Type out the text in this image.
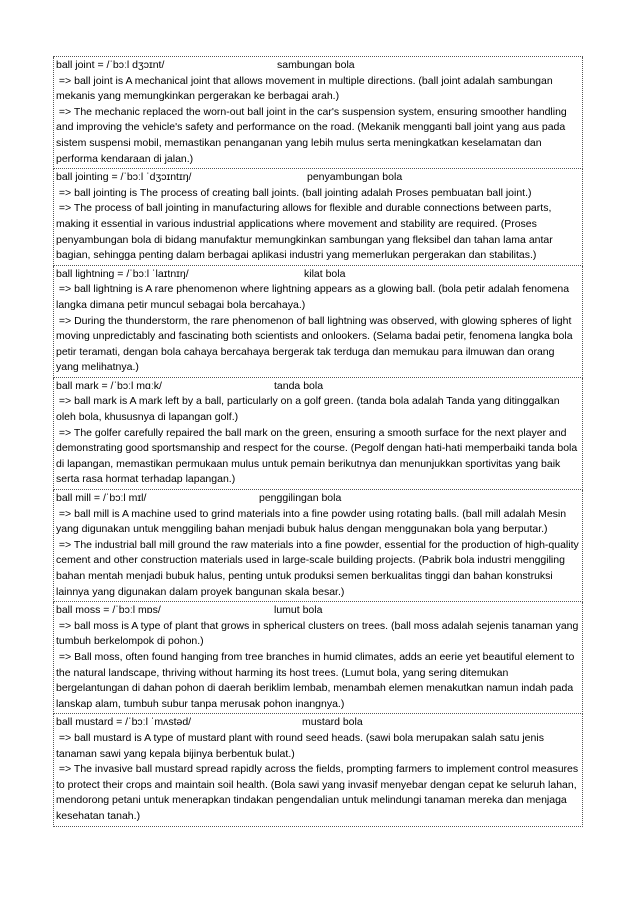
ball joint = /ˈbɔːl dʒɔɪnt/	sambungan bola
=> ball joint is A mechanical joint that allows movement in multiple directions. (ball joint adalah sambungan mekanis yang memungkinkan pergerakan ke berbagai arah.)
=> The mechanic replaced the worn-out ball joint in the car's suspension system, ensuring smoother handling and improving the vehicle's safety and performance on the road. (Mekanik mengganti ball joint yang aus pada sistem suspensi mobil, memastikan penanganan yang lebih mulus serta meningkatkan keselamatan dan performa kendaraan di jalan.)
ball jointing = /ˈbɔːl ˈdʒɔɪntɪŋ/	penyambungan bola
=> ball jointing is The process of creating ball joints. (ball jointing adalah Proses pembuatan ball joint.)
=> The process of ball jointing in manufacturing allows for flexible and durable connections between parts, making it essential in various industrial applications where movement and stability are required. (Proses penyambungan bola di bidang manufaktur memungkinkan sambungan yang fleksibel dan tahan lama antar bagian, sehingga penting dalam berbagai aplikasi industri yang memerlukan pergerakan dan stabilitas.)
ball lightning = /ˈbɔːl ˈlaɪtnɪŋ/	kilat bola
=> ball lightning is A rare phenomenon where lightning appears as a glowing ball. (bola petir adalah fenomena langka dimana petir muncul sebagai bola bercahaya.)
=> During the thunderstorm, the rare phenomenon of ball lightning was observed, with glowing spheres of light moving unpredictably and fascinating both scientists and onlookers. (Selama badai petir, fenomena langka bola petir teramati, dengan bola cahaya bercahaya bergerak tak terduga dan memukau para ilmuwan dan orang yang melihatnya.)
ball mark = /ˈbɔːl mɑːk/	tanda bola
=> ball mark is A mark left by a ball, particularly on a golf green. (tanda bola adalah Tanda yang ditinggalkan oleh bola, khususnya di lapangan golf.)
=> The golfer carefully repaired the ball mark on the green, ensuring a smooth surface for the next player and demonstrating good sportsmanship and respect for the course. (Pegolf dengan hati-hati memperbaiki tanda bola di lapangan, memastikan permukaan mulus untuk pemain berikutnya dan menunjukkan sportivitas yang baik serta rasa hormat terhadap lapangan.)
ball mill = /ˈbɔːl mɪl/	penggilingan bola
=> ball mill is A machine used to grind materials into a fine powder using rotating balls. (ball mill adalah Mesin yang digunakan untuk menggiling bahan menjadi bubuk halus dengan menggunakan bola yang berputar.)
=> The industrial ball mill ground the raw materials into a fine powder, essential for the production of high-quality cement and other construction materials used in large-scale building projects. (Pabrik bola industri menggiling bahan mentah menjadi bubuk halus, penting untuk produksi semen berkualitas tinggi dan bahan konstruksi lainnya yang digunakan dalam proyek bangunan skala besar.)
ball moss = /ˈbɔːl mɒs/	lumut bola
=> ball moss is A type of plant that grows in spherical clusters on trees. (ball moss adalah sejenis tanaman yang tumbuh berkelompok di pohon.)
=> Ball moss, often found hanging from tree branches in humid climates, adds an eerie yet beautiful element to the natural landscape, thriving without harming its host trees. (Lumut bola, yang sering ditemukan bergelantungan di dahan pohon di daerah beriklim lembab, menambah elemen menakutkan namun indah pada lanskap alam, tumbuh subur tanpa merusak pohon inangnya.)
ball mustard = /ˈbɔːl ˈmʌstəd/	mustard bola
=> ball mustard is A type of mustard plant with round seed heads. (sawi bola merupakan salah satu jenis tanaman sawi yang kepala bijinya berbentuk bulat.)
=> The invasive ball mustard spread rapidly across the fields, prompting farmers to implement control measures to protect their crops and maintain soil health. (Bola sawi yang invasif menyebar dengan cepat ke seluruh lahan, mendorong petani untuk menerapkan tindakan pengendalian untuk melindungi tanaman mereka dan menjaga kesehatan tanah.)
